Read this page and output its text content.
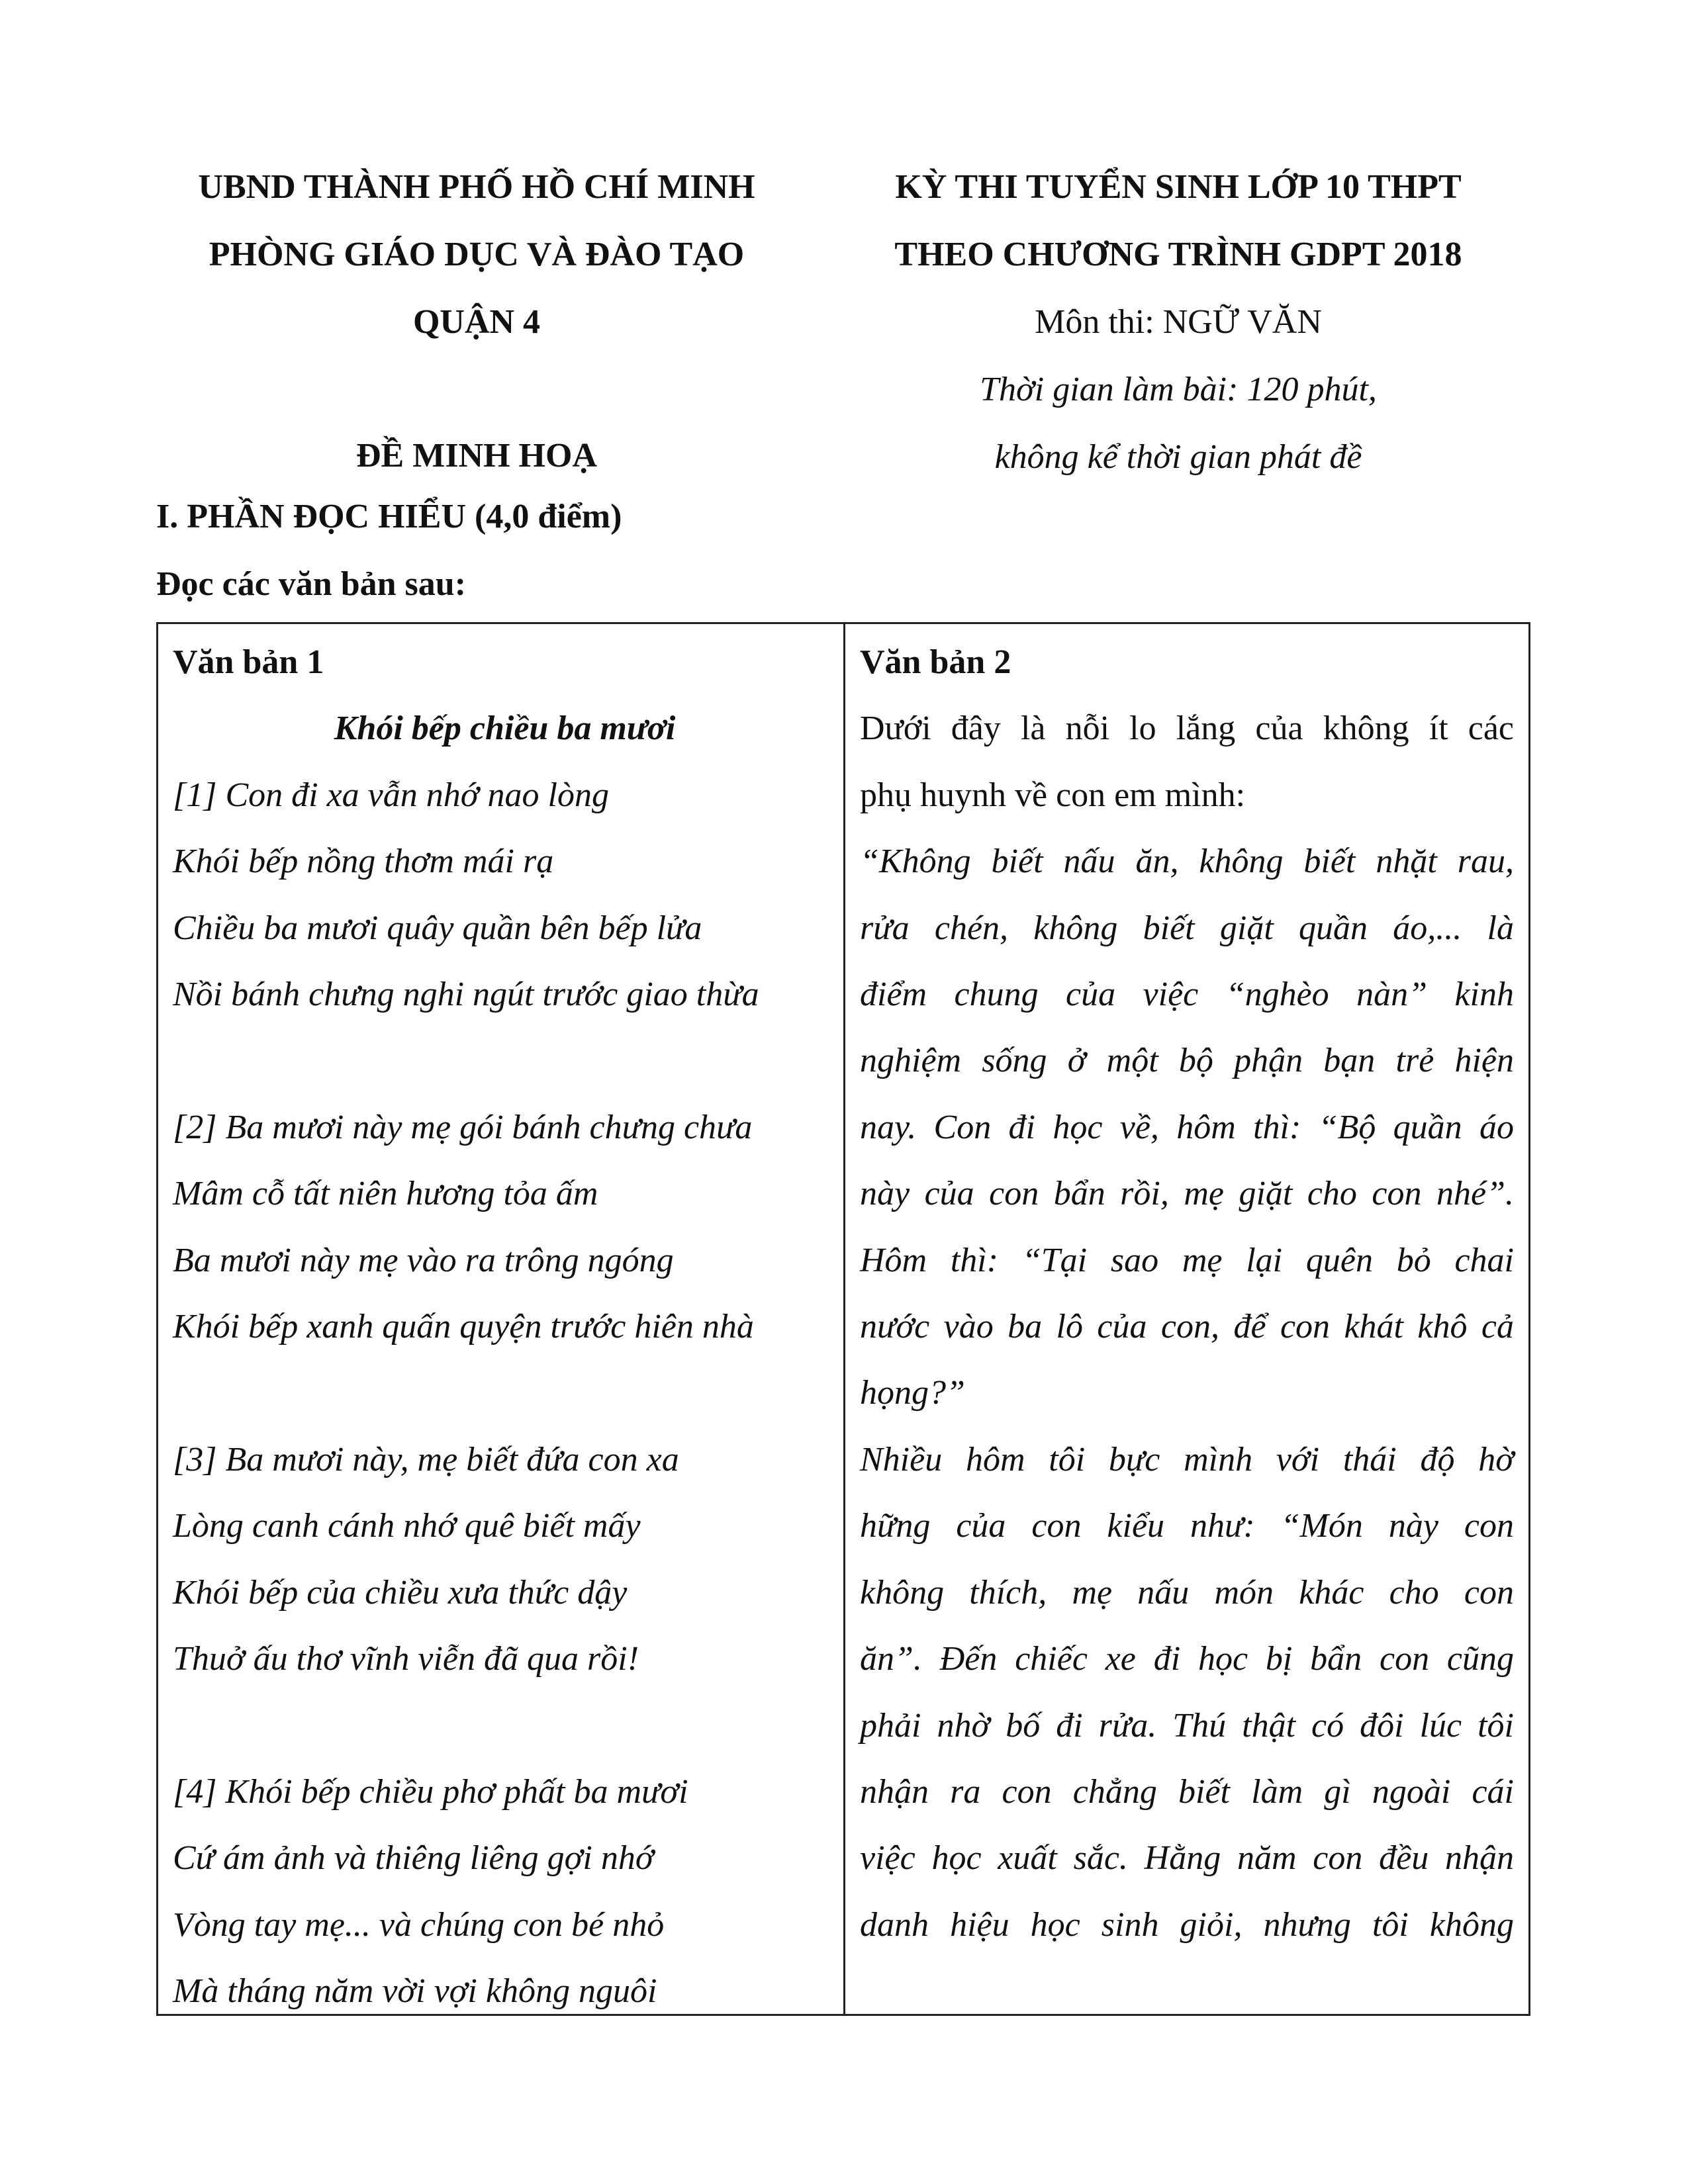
UBND THÀNH PHỐ HỒ CHÍ MINH
PHÒNG GIÁO DỤC VÀ ĐÀO TẠO
QUẬN 4
ĐỀ MINH HOẠ
KỲ THI TUYỂN SINH LỚP 10 THPT
THEO CHƯƠNG TRÌNH GDPT 2018
Môn thi: NGỮ VĂN
Thời gian làm bài: 120 phút,
không kể thời gian phát đề
I. PHẦN ĐỌC HIỂU (4,0 điểm)
Đọc các văn bản sau:
Văn bản 1
Khói bếp chiều ba mươi
[1] Con đi xa vẫn nhớ nao lòng
Khói bếp nồng thơm mái rạ
Chiều ba mươi quây quần bên bếp lửa
Nồi bánh chưng nghi ngút trước giao thừa
[2] Ba mươi này mẹ gói bánh chưng chưa
Mâm cỗ tất niên hương tỏa ấm
Ba mươi này mẹ vào ra trông ngóng
Khói bếp xanh quấn quyện trước hiên nhà
[3] Ba mươi này, mẹ biết đứa con xa
Lòng canh cánh nhớ quê biết mấy
Khói bếp của chiều xưa thức dậy
Thuở ấu thơ vĩnh viễn đã qua rồi!
[4] Khói bếp chiều phơ phất ba mươi
Cứ ám ảnh và thiêng liêng gợi nhớ
Vòng tay mẹ... và chúng con bé nhỏ
Mà tháng năm vời vợi không nguôi
Văn bản 2
Dưới đây là nỗi lo lắng của không ít các
phụ huynh về con em mình:
“Không biết nấu ăn, không biết nhặt rau,
rửa chén, không biết giặt quần áo,... là
điểm chung của việc “nghèo nàn” kinh
nghiệm sống ở một bộ phận bạn trẻ hiện
nay. Con đi học về, hôm thì: “Bộ quần áo
này của con bẩn rồi, mẹ giặt cho con nhé”.
Hôm thì: “Tại sao mẹ lại quên bỏ chai
nước vào ba lô của con, để con khát khô cả
họng?”
Nhiều hôm tôi bực mình với thái độ hờ
hững của con kiểu như: “Món này con
không thích, mẹ nấu món khác cho con
ăn”. Đến chiếc xe đi học bị bẩn con cũng
phải nhờ bố đi rửa. Thú thật có đôi lúc tôi
nhận ra con chẳng biết làm gì ngoài cái
việc học xuất sắc. Hằng năm con đều nhận
danh hiệu học sinh giỏi, nhưng tôi không
